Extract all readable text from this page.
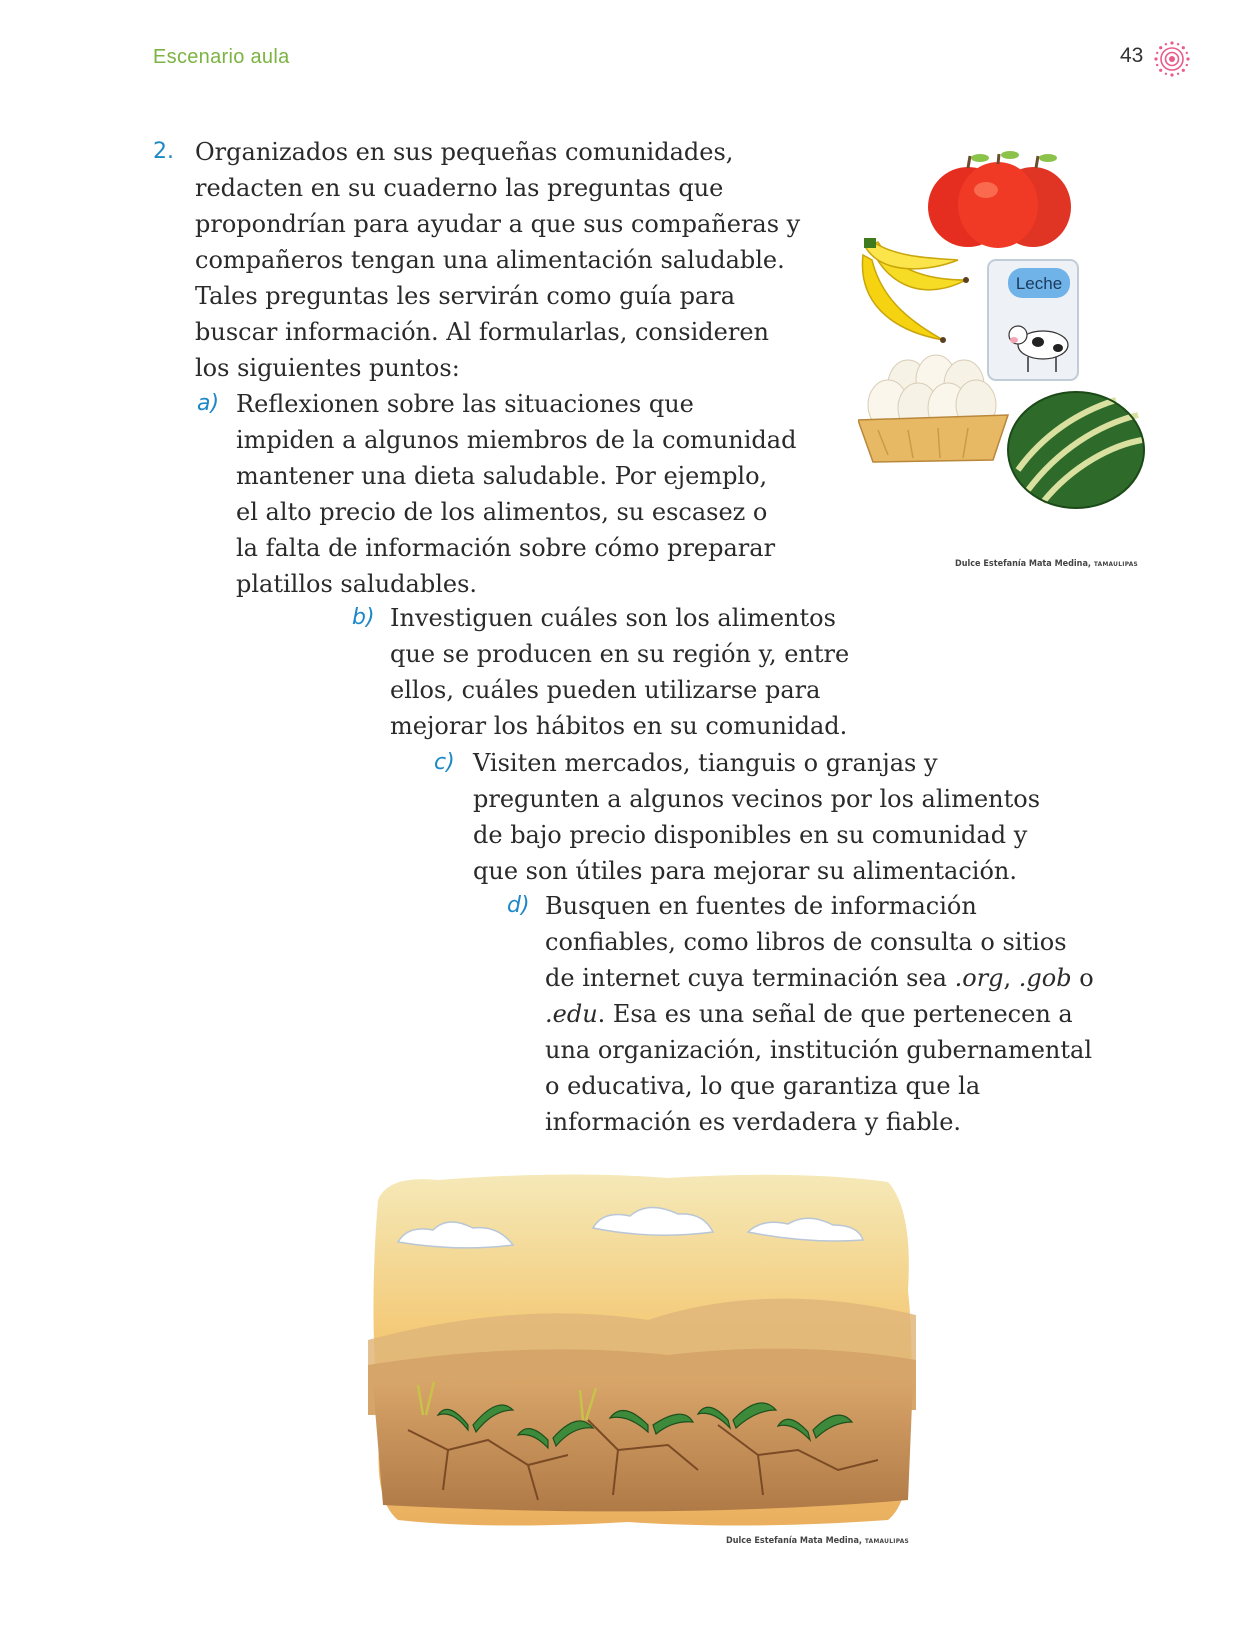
Escenario aula	43
2. Organizados en sus pequeñas comunidades,
redacten en su cuaderno las preguntas que
propondrían para ayudar a que sus compañeras y
compañeros tengan una alimentación saludable.
Tales preguntas les servirán como guía para
buscar información. Al formularlas, consideren
los siguientes puntos:
a) Reflexionen sobre las situaciones que
impiden a algunos miembros de la comunidad
mantener una dieta saludable. Por ejemplo,
el alto precio de los alimentos, su escasez o
la falta de información sobre cómo preparar
platillos saludables.
b) Investiguen cuáles son los alimentos
que se producen en su región y, entre
ellos, cuáles pueden utilizarse para
mejorar los hábitos en su comunidad.
c) Visiten mercados, tianguis o granjas y
pregunten a algunos vecinos por los alimentos
de bajo precio disponibles en su comunidad y
que son útiles para mejorar su alimentación.
d) Busquen en fuentes de información
confiables, como libros de consulta o sitios
de internet cuya terminación sea .org, .gob o
.edu. Esa es una señal de que pertenecen a
una organización, institución gubernamental
o educativa, lo que garantiza que la
información es verdadera y fiable.
Leche
Dulce Estefanía Mata Medina, TAMAULIPAS
Dulce Estefanía Mata Medina, TAMAULIPAS
